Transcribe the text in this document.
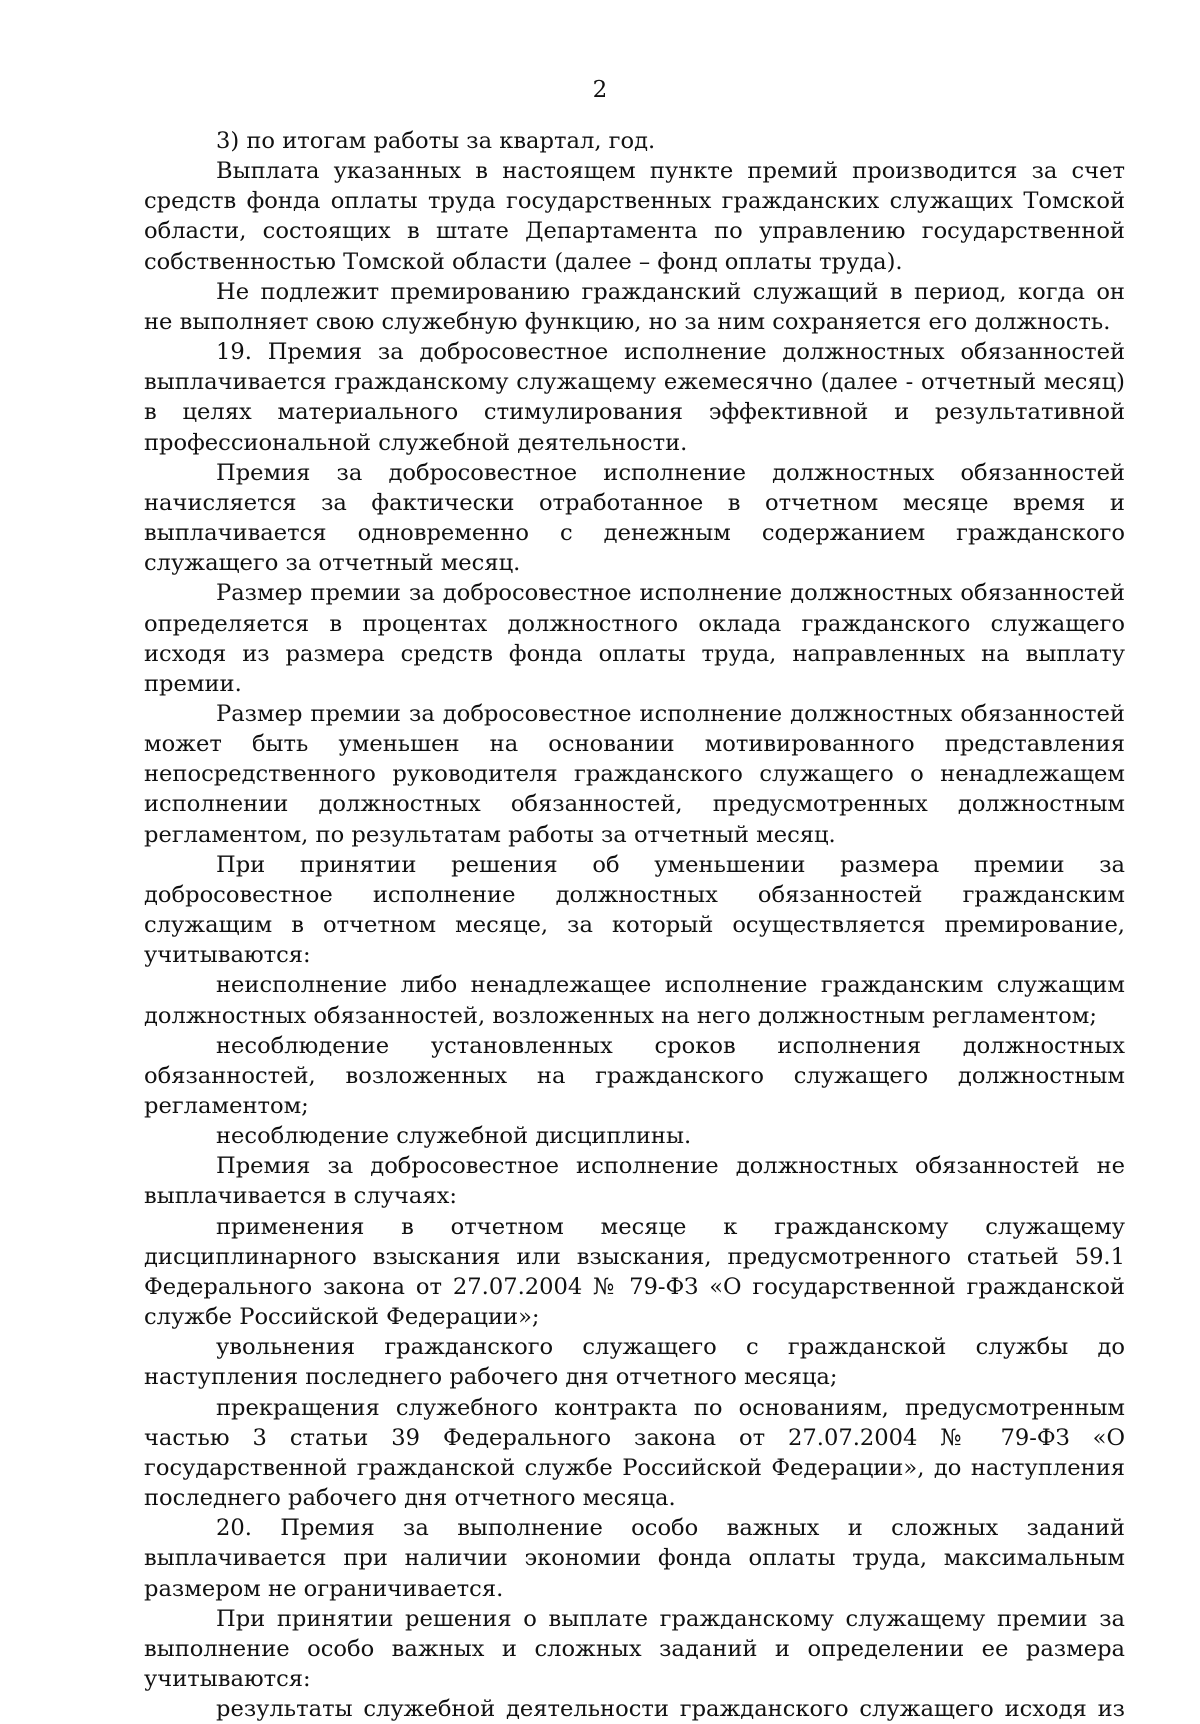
2

3) по итогам работы за квартал, год.

Выплата указанных в настоящем пункте премий производится за счет средств фонда оплаты труда государственных гражданских служащих Томской области, состоящих в штате Департамента по управлению государственной собственностью Томской области (далее – фонд оплаты труда).

Не подлежит премированию гражданский служащий в период, когда он не выполняет свою служебную функцию, но за ним сохраняется его должность.

19. Премия за добросовестное исполнение должностных обязанностей выплачивается гражданскому служащему ежемесячно (далее - отчетный месяц) в целях материального стимулирования эффективной и результативной профессиональной служебной деятельности.

Премия за добросовестное исполнение должностных обязанностей начисляется за фактически отработанное в отчетном месяце время и выплачивается одновременно с денежным содержанием гражданского служащего за отчетный месяц.

Размер премии за добросовестное исполнение должностных обязанностей определяется в процентах должностного оклада гражданского служащего исходя из размера средств фонда оплаты труда, направленных на выплату премии.

Размер премии за добросовестное исполнение должностных обязанностей может быть уменьшен на основании мотивированного представления непосредственного руководителя гражданского служащего о ненадлежащем исполнении должностных обязанностей, предусмотренных должностным регламентом, по результатам работы за отчетный месяц.

При принятии решения об уменьшении размера премии за добросовестное исполнение должностных обязанностей гражданским служащим в отчетном месяце, за который осуществляется премирование, учитываются:

неисполнение либо ненадлежащее исполнение гражданским служащим должностных обязанностей, возложенных на него должностным регламентом;

несоблюдение установленных сроков исполнения должностных обязанностей, возложенных на гражданского служащего должностным регламентом;

несоблюдение служебной дисциплины.

Премия за добросовестное исполнение должностных обязанностей не выплачивается в случаях:

применения в отчетном месяце к гражданскому служащему дисциплинарного взыскания или взыскания, предусмотренного статьей 59.1 Федерального закона от 27.07.2004 № 79-ФЗ «О государственной гражданской службе Российской Федерации»;

увольнения гражданского служащего с гражданской службы до наступления последнего рабочего дня отчетного месяца;

прекращения служебного контракта по основаниям, предусмотренным частью 3 статьи 39 Федерального закона от 27.07.2004 № 79-ФЗ «О государственной гражданской службе Российской Федерации», до наступления последнего рабочего дня отчетного месяца.

20. Премия за выполнение особо важных и сложных заданий выплачивается при наличии экономии фонда оплаты труда, максимальным размером не ограничивается.

При принятии решения о выплате гражданскому служащему премии за выполнение особо важных и сложных заданий и определении ее размера учитываются:

результаты служебной деятельности гражданского служащего исходя из
